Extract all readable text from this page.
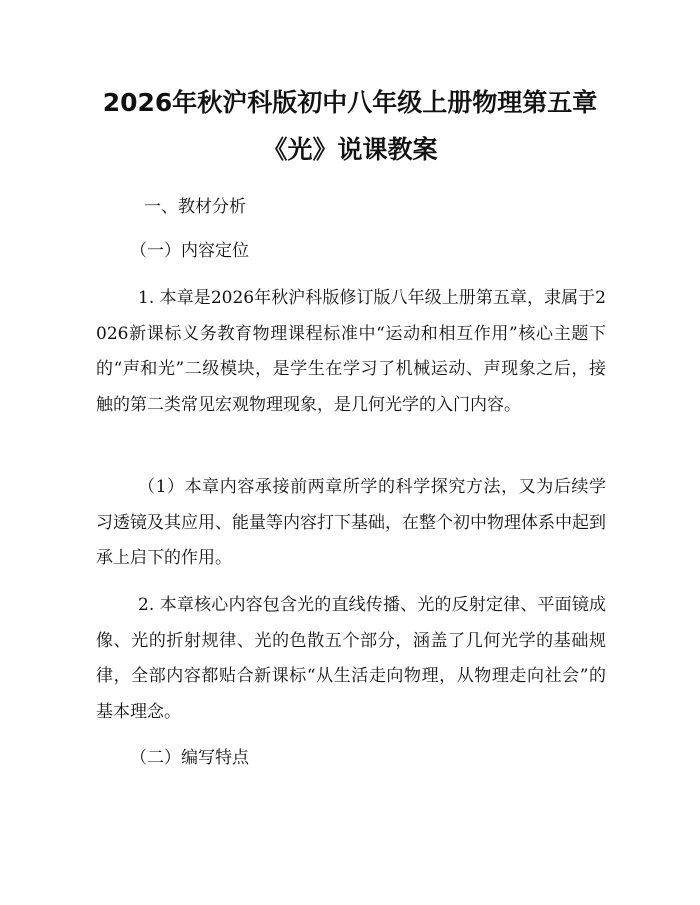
2026年秋沪科版初中八年级上册物理第五章
《光》说课教案

一、教材分析

（一）内容定位

1. 本章是2026年秋沪科版修订版八年级上册第五章，隶属于2026新课标义务教育物理课程标准中“运动和相互作用”核心主题下的“声和光”二级模块，是学生在学习了机械运动、声现象之后，接触的第二类常见宏观物理现象，是几何光学的入门内容。

（1）本章内容承接前两章所学的科学探究方法，又为后续学习透镜及其应用、能量等内容打下基础，在整个初中物理体系中起到承上启下的作用。

2. 本章核心内容包含光的直线传播、光的反射定律、平面镜成像、光的折射规律、光的色散五个部分，涵盖了几何光学的基础规律，全部内容都贴合新课标“从生活走向物理，从物理走向社会”的基本理念。

（二）编写特点
